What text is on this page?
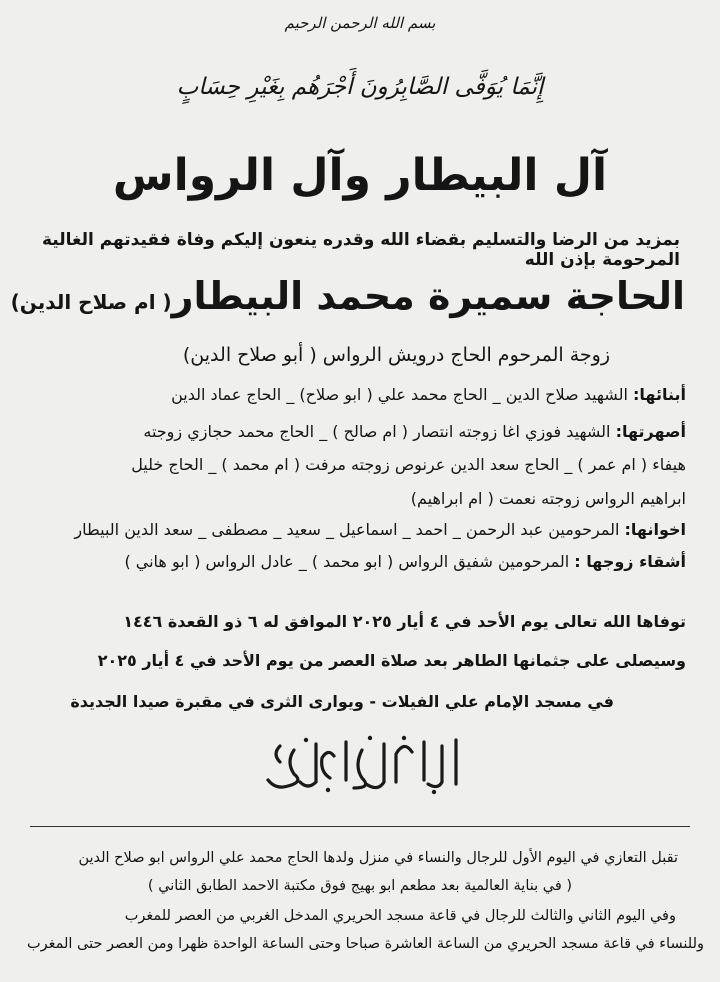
بسم الله الرحمن الرحيم
إِنَّمَا يُوَفَّى الصَّابِرُونَ أَجْرَهُم بِغَيْرِ حِسَابٍ
آل البيطار وآل الرواس
بمزيد من الرضا والتسليم بقضاء الله وقدره ينعون إليكم وفاة فقيدتهم الغالية المرحومة بإذن الله
الحاجة سميرة محمد البيطار( ام صلاح الدين)
زوجة المرحوم الحاج درويش الرواس ( أبو صلاح الدين)
أبنائها: الشهيد صلاح الدين _ الحاج محمد علي ( ابو صلاح) _ الحاج عماد الدين
أصهرتها: الشهيد فوزي اغا زوجته انتصار ( ام صالح ) _ الحاج محمد حجازي زوجته
هيفاء ( ام عمر ) _ الحاج سعد الدين عرنوص زوجته مرفت ( ام محمد ) _ الحاج خليل
ابراهيم الرواس زوجته نعمت ( ام ابراهيم)
اخوانها: المرحومين عبد الرحمن _ احمد _ اسماعيل _ سعيد _ مصطفى _ سعد الدين البيطار
أشقاء زوجها : المرحومين شفيق الرواس ( ابو محمد ) _ عادل الرواس ( ابو هاني )
توفاها الله تعالى يوم الأحد في ٤ أيار ٢٠٢٥ الموافق له ٦ ذو القعدة ١٤٤٦
وسيصلى على جثمانها الطاهر بعد صلاة العصر من يوم الأحد في ٤ أيار ٢٠٢٥
في مسجد الإمام علي الفيلات - ويوارى الثرى في مقبرة صيدا الجديدة
تقبل التعازي في اليوم الأول للرجال والنساء في منزل ولدها الحاج محمد علي الرواس ابو صلاح الدين
( في بناية العالمية بعد مطعم ابو بهيج فوق مكتبة الاحمد الطابق الثاني )
وفي اليوم الثاني والثالث للرجال في قاعة مسجد الحريري المدخل الغربي من العصر للمغرب
وللنساء في قاعة مسجد الحريري من الساعة العاشرة صباحا وحتى الساعة الواحدة ظهرا ومن العصر حتى المغرب
